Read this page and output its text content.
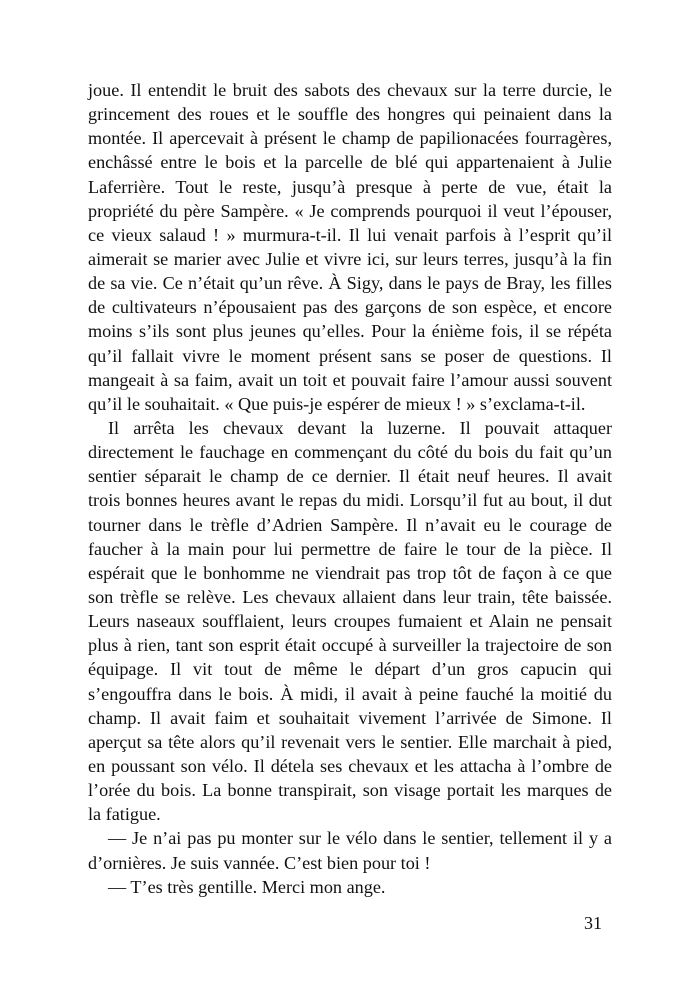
joue. Il entendit le bruit des sabots des chevaux sur la terre durcie, le
grincement des roues et le souffle des hongres qui peinaient dans la
montée. Il apercevait à présent le champ de papilionacées fourragères,
enchâssé entre le bois et la parcelle de blé qui appartenaient à Julie
Laferrière. Tout le reste, jusqu’à presque à perte de vue, était la
propriété du père Sampère. « Je comprends pourquoi il veut l’épouser,
ce vieux salaud ! » murmura-t-il. Il lui venait parfois à l’esprit qu’il
aimerait se marier avec Julie et vivre ici, sur leurs terres, jusqu’à la fin
de sa vie. Ce n’était qu’un rêve. À Sigy, dans le pays de Bray, les filles
de cultivateurs n’épousaient pas des garçons de son espèce, et encore
moins s’ils sont plus jeunes qu’elles. Pour la énième fois, il se répéta
qu’il fallait vivre le moment présent sans se poser de questions. Il
mangeait à sa faim, avait un toit et pouvait faire l’amour aussi souvent
qu’il le souhaitait. « Que puis-je espérer de mieux ! » s’exclama-t-il.
Il arrêta les chevaux devant la luzerne. Il pouvait attaquer
directement le fauchage en commençant du côté du bois du fait qu’un
sentier séparait le champ de ce dernier. Il était neuf heures. Il avait
trois bonnes heures avant le repas du midi. Lorsqu’il fut au bout, il dut
tourner dans le trèfle d’Adrien Sampère. Il n’avait eu le courage de
faucher à la main pour lui permettre de faire le tour de la pièce. Il
espérait que le bonhomme ne viendrait pas trop tôt de façon à ce que
son trèfle se relève. Les chevaux allaient dans leur train, tête baissée.
Leurs naseaux soufflaient, leurs croupes fumaient et Alain ne pensait
plus à rien, tant son esprit était occupé à surveiller la trajectoire de son
équipage. Il vit tout de même le départ d’un gros capucin qui
s’engouffra dans le bois. À midi, il avait à peine fauché la moitié du
champ. Il avait faim et souhaitait vivement l’arrivée de Simone. Il
aperçut sa tête alors qu’il revenait vers le sentier. Elle marchait à pied,
en poussant son vélo. Il détela ses chevaux et les attacha à l’ombre de
l’orée du bois. La bonne transpirait, son visage portait les marques de
la fatigue.
— Je n’ai pas pu monter sur le vélo dans le sentier, tellement il y a
d’ornières. Je suis vannée. C’est bien pour toi !
— T’es très gentille. Merci mon ange.
31
